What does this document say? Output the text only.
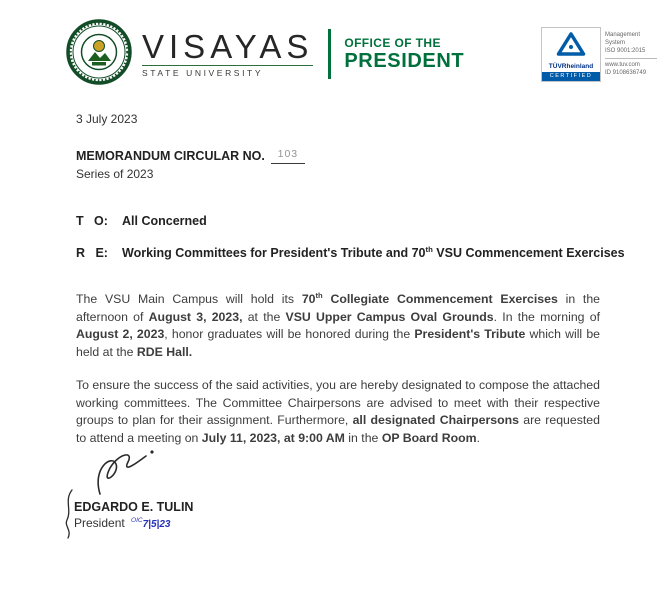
VISAYAS
STATE UNIVERSITY
OFFICE OF THE
PRESIDENT	TÜVRheinland
CERTIFIED
Management
System
ISO 9001:2015
www.tuv.com
ID 9108636749
3 July 2023
MEMORANDUM CIRCULAR NO. $^{103}$
Series of 2023
T   O:	All Concerned
R   E:	Working Committees for President's Tribute and 70th VSU Commencement Exercises
The VSU Main Campus will hold its 70th Collegiate Commencement Exercises in the afternoon of August 3, 2023, at the VSU Upper Campus Oval Grounds. In the morning of August 2, 2023, honor graduates will be honored during the President's Tribute which will be held at the RDE Hall.
To ensure the success of the said activities, you are hereby designated to compose the attached working committees. The Committee Chairpersons are advised to meet with their respective groups to plan for their assignment. Furthermore, all designated Chairpersons are requested to attend a meeting on July 11, 2023, at 9:00 AM in the OP Board Room.
EDGARDO E. TULIN
President $^{OIC}$7|5|23
